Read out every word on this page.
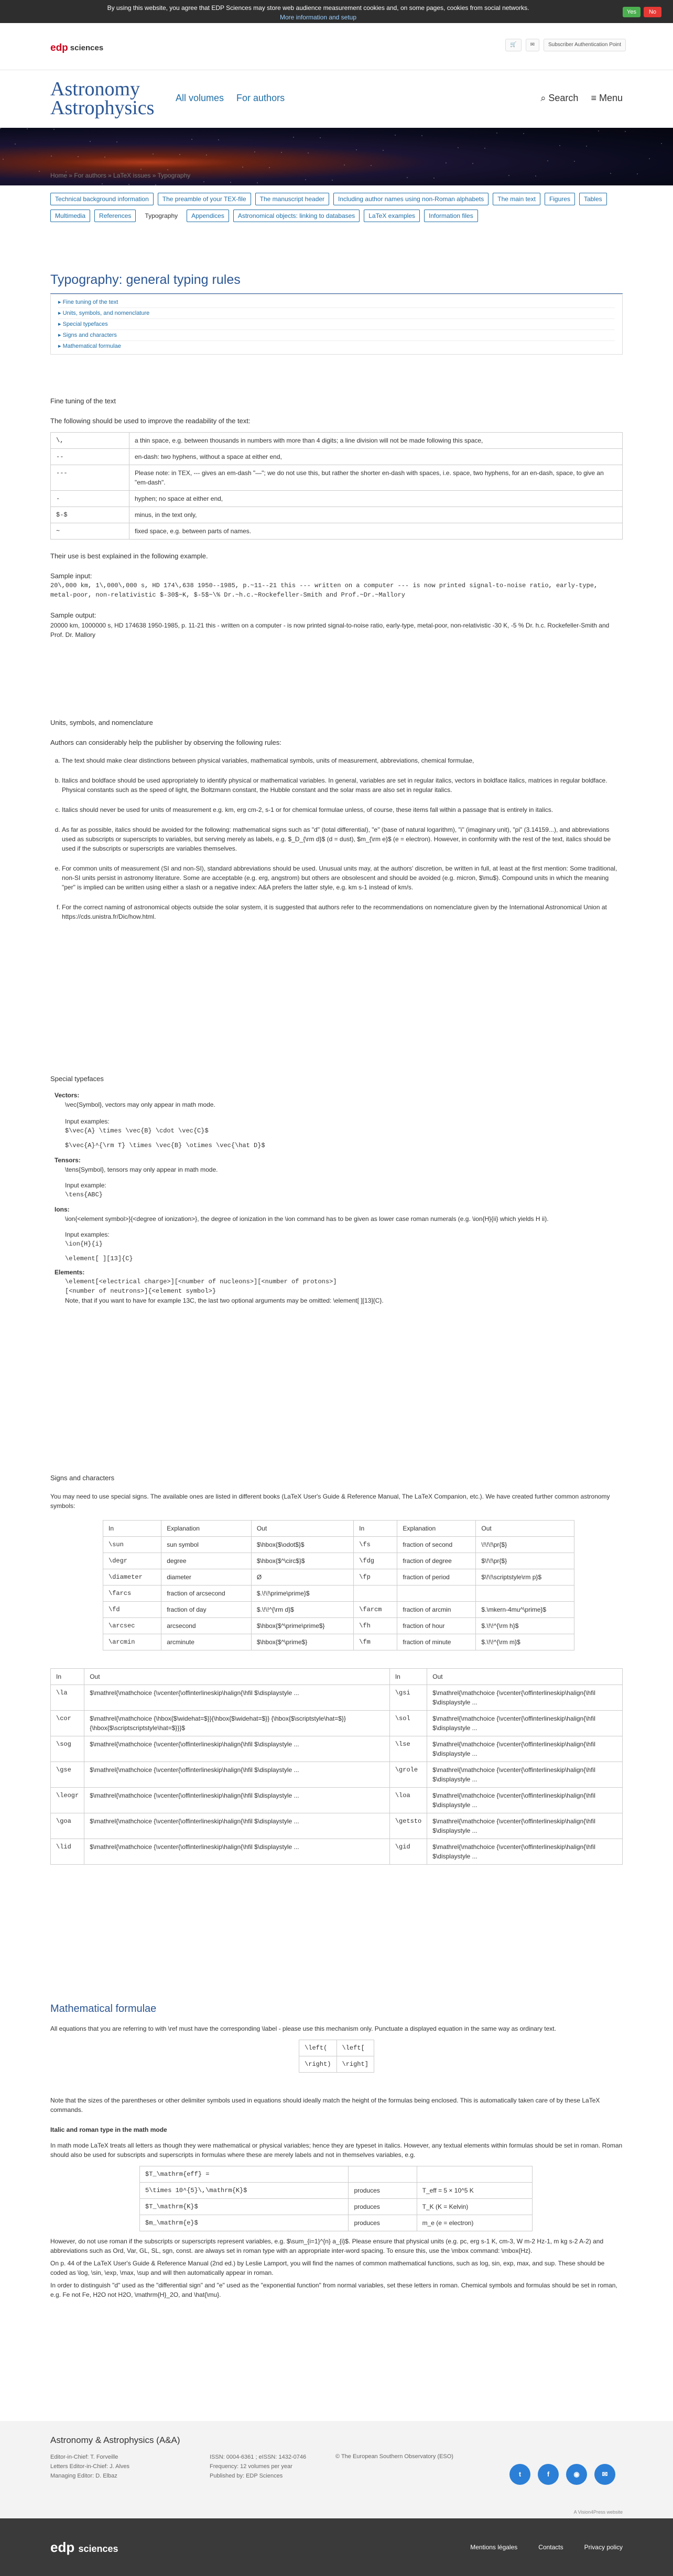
By using this website, you agree that EDP Sciences may store web audience measurement cookies and, on some pages, cookies from social networks.
More information and setup
Yes	No
edp sciences	🛒	✉	Subscriber Authentication Point
Astronomy
Astrophysics All volumes For authors	⌕ Search ≡ Menu
Home » For authors » LaTeX issues » Typography
Technical background information	The preamble of your TEX-file	The manuscript header	Including author names using non-Roman alphabets	The main text	Figures	Tables
Multimedia	References	Typography	Appendices	Astronomical objects: linking to databases	LaTeX examples	Information files
Typography: general typing rules
▸ Fine tuning of the text
▸ Units, symbols, and nomenclature
▸ Special typefaces
▸ Signs and characters
▸ Mathematical formulae
Fine tuning of the text
The following should be used to improve the readability of the text:
\,	a thin space, e.g. between thousands in numbers with more than 4 digits; a line division will not be made following this space,
--	en-dash: two hyphens, without a space at either end,
---	Please note: in TEX, --- gives an em-dash "—"; we do not use this, but rather the shorter en-dash with spaces, i.e. space, two hyphens, for an en-dash, space, to give an "em-dash".
-	hyphen; no space at either end,
$-$	minus, in the text only,
~	fixed space, e.g. between parts of names.
Their use is best explained in the following example.
Sample input:
20\,000 km, 1\,000\,000 s, HD 174\,638 1950--1985, p.~11--21 this --- written on a computer --- is now printed signal-to-noise ratio, early-type, metal-poor, non-relativistic $-30$~K, $-5$~\% Dr.~h.c.~Rockefeller-Smith and Prof.~Dr.~Mallory
Sample output:
20000 km, 1000000 s, HD 174638 1950-1985, p. 11-21 this - written on a computer - is now printed signal-to-noise ratio, early-type, metal-poor, non-relativistic -30 K, -5 % Dr. h.c. Rockefeller-Smith and Prof. Dr. Mallory
Units, symbols, and nomenclature
Authors can considerably help the publisher by observing the following rules:
a. The text should make clear distinctions between physical variables, mathematical symbols, units of measurement, abbreviations, chemical formulae,
b. Italics and boldface should be used appropriately to identify physical or mathematical variables. In general, variables are set in regular italics, vectors in boldface italics, matrices in regular boldface. Physical constants such as the speed of light, the Boltzmann constant, the Hubble constant and the solar mass are also set in regular italics.
c. Italics should never be used for units of measurement e.g. km, erg cm-2, s-1 or for chemical formulae unless, of course, these items fall within a passage that is entirely in italics.
d. As far as possible, italics should be avoided for the following: mathematical signs such as "d" (total differential), "e" (base of natural logarithm), "i" (imaginary unit), "pi" (3.14159...), and abbreviations used as subscripts or superscripts to variables, but serving merely as labels, e.g. $_D_{\rm d}$ (d = dust), $m_{\rm e}$ (e = electron). However, in conformity with the rest of the text, italics should be used if the subscripts or superscripts are variables themselves.
e. For common units of measurement (SI and non-SI), standard abbreviations should be used. Unusual units may, at the authors' discretion, be written in full, at least at the first mention: Some traditional, non-SI units persist in astronomy literature. Some are acceptable (e.g. erg, angstrom) but others are obsolescent and should be avoided (e.g. micron, $\mu$). Compound units in which the meaning "per" is implied can be written using either a slash or a negative index: A&A prefers the latter style, e.g. km s-1 instead of km/s.
f. For the correct naming of astronomical objects outside the solar system, it is suggested that authors refer to the recommendations on nomenclature given by the International Astronomical Union at https://cds.unistra.fr/Dic/how.html.
Special typefaces
Vectors:
\vec{Symbol}, vectors may only appear in math mode.
Input examples:
$\vec{A} \times \vec{B} \cdot \vec{C}$
$\vec{A}^{\rm T} \times \vec{B} \otimes \vec{\hat D}$
Tensors:
\tens{Symbol}, tensors may only appear in math mode.
Input example:
\tens{ABC}
Ions:
\ion{<element symbol>}{<degree of ionization>}, the degree of ionization in the \ion command has to be given as lower case roman numerals (e.g. \ion{H}{ii} which yields H ii).
Input examples:
\ion{H}{i}
\element[ ][13]{C}
Elements:
\element[<electrical charge>][<number of nucleons>][<number of protons>]
[<number of neutrons>]{<element symbol>}
Note, that if you want to have for example 13C, the last two optional arguments may be omitted: \element[ ][13]{C}.
Signs and characters
You may need to use special signs. The available ones are listed in different books (LaTeX User's Guide & Reference Manual, The LaTeX Companion, etc.). We have created further common astronomy symbols:
In	Explanation	Out	In	Explanation	Out
\sun	sun symbol	$\hbox{$\odot$}$	\fs	fraction of second	\!\!\!\pr{$}
\degr	degree	$\hbox{$^\circ$}$	\fdg	fraction of degree	$\!\!\pr{$}
\diameter	diameter	Ø	\fp	fraction of period	$\!\!\scriptstyle\rm p}$
\farcs	fraction of arcsecond	$.\!\!\prime\prime}$			
\fd	fraction of day	$.\!\!^{\rm d}$	\farcm	fraction of arcmin	$.\mkern-4mu^\prime}$
\arcsec	arcsecond	$\hbox{$^\prime\prime$}	\fh	fraction of hour	$.\!\!^{\rm h}$
\arcmin	arcminute	$\hbox{$^\prime$}	\fm	fraction of minute	$.\!\!^{\rm m}$
In	Out	In	Out
\la	$\mathrel{\mathchoice {\vcenter{\offinterlineskip\halign{\hfil $\displaystyle ...	\gsi	$\mathrel{\mathchoice {\vcenter{\offinterlineskip\halign{\hfil $\displaystyle ...
\cor	$\mathrel{\mathchoice {\hbox{$\widehat=$}}{\hbox{$\widehat=$}} {\hbox{$\scriptstyle\hat=$}}{\hbox{$\scriptscriptstyle\hat=$}}}$	\sol	$\mathrel{\mathchoice {\vcenter{\offinterlineskip\halign{\hfil $\displaystyle ...
\sog	$\mathrel{\mathchoice {\vcenter{\offinterlineskip\halign{\hfil $\displaystyle ...	\lse	$\mathrel{\mathchoice {\vcenter{\offinterlineskip\halign{\hfil $\displaystyle ...
\gse	$\mathrel{\mathchoice {\vcenter{\offinterlineskip\halign{\hfil $\displaystyle ...	\grole	$\mathrel{\mathchoice {\vcenter{\offinterlineskip\halign{\hfil $\displaystyle ...
\leogr	$\mathrel{\mathchoice {\vcenter{\offinterlineskip\halign{\hfil $\displaystyle ...	\loa	$\mathrel{\mathchoice {\vcenter{\offinterlineskip\halign{\hfil $\displaystyle ...
\goa	$\mathrel{\mathchoice {\vcenter{\offinterlineskip\halign{\hfil $\displaystyle ...	\getsto	$\mathrel{\mathchoice {\vcenter{\offinterlineskip\halign{\hfil $\displaystyle ...
\lid	$\mathrel{\mathchoice {\vcenter{\offinterlineskip\halign{\hfil $\displaystyle ...	\gid	$\mathrel{\mathchoice {\vcenter{\offinterlineskip\halign{\hfil $\displaystyle ...
Mathematical formulae
All equations that you are referring to with \ref must have the corresponding \label - please use this mechanism only. Punctuate a displayed equation in the same way as ordinary text.
\left(	\left[
\right)	\right]
Note that the sizes of the parentheses or other delimiter symbols used in equations should ideally match the height of the formulas being enclosed. This is automatically taken care of by these LaTeX commands.
Italic and roman type in the math mode
In math mode LaTeX treats all letters as though they were mathematical or physical variables; hence they are typeset in italics. However, any textual elements within formulas should be set in roman. Roman should also be used for subscripts and superscripts in formulas where these are merely labels and not in themselves variables, e.g.
$T_\mathrm{eff} =		
5\times 10^{5}\,\mathrm{K}$	produces	T_eff = 5 × 10^5 K
$T_\mathrm{K}$	produces	T_K (K = Kelvin)
$m_\mathrm{e}$	produces	m_e (e = electron)
However, do not use roman if the subscripts or superscripts represent variables, e.g. $\sum_{i=1}^{n} a_{i}$. Please ensure that physical units (e.g. pc, erg s-1 K, cm-3, W m-2 Hz-1, m kg s-2 A-2) and abbreviations such as Ord, Var, GL, SL, sgn, const. are always set in roman type with an appropriate inter-word spacing. To ensure this, use the \mbox command: \mbox{Hz}.
On p. 44 of the LaTeX User's Guide & Reference Manual (2nd ed.) by Leslie Lamport, you will find the names of common mathematical functions, such as log, sin, exp, max, and sup. These should be coded as \log, \sin, \exp, \max, \sup and will then automatically appear in roman.
In order to distinguish "d" used as the "differential sign" and "e" used as the "exponential function" from normal variables, set these letters in roman. Chemical symbols and formulas should be set in roman, e.g. Fe not Fe, H2O not H2O, \mathrm{H}_2O, and \hat{\mu}.
Astronomy & Astrophysics (A&A)
Editor-in-Chief: T. Forveille
Letters Editor-in-Chief: J. Alves
Managing Editor: D. Elbaz
ISSN: 0004-6361 ; eISSN: 1432-0746
Frequency: 12 volumes per year
Published by: EDP Sciences
© The European Southern Observatory (ESO)
t	f	◉	✉
edp sciences	Mentions légales	Contacts	Privacy policy
A Vision4Press website
